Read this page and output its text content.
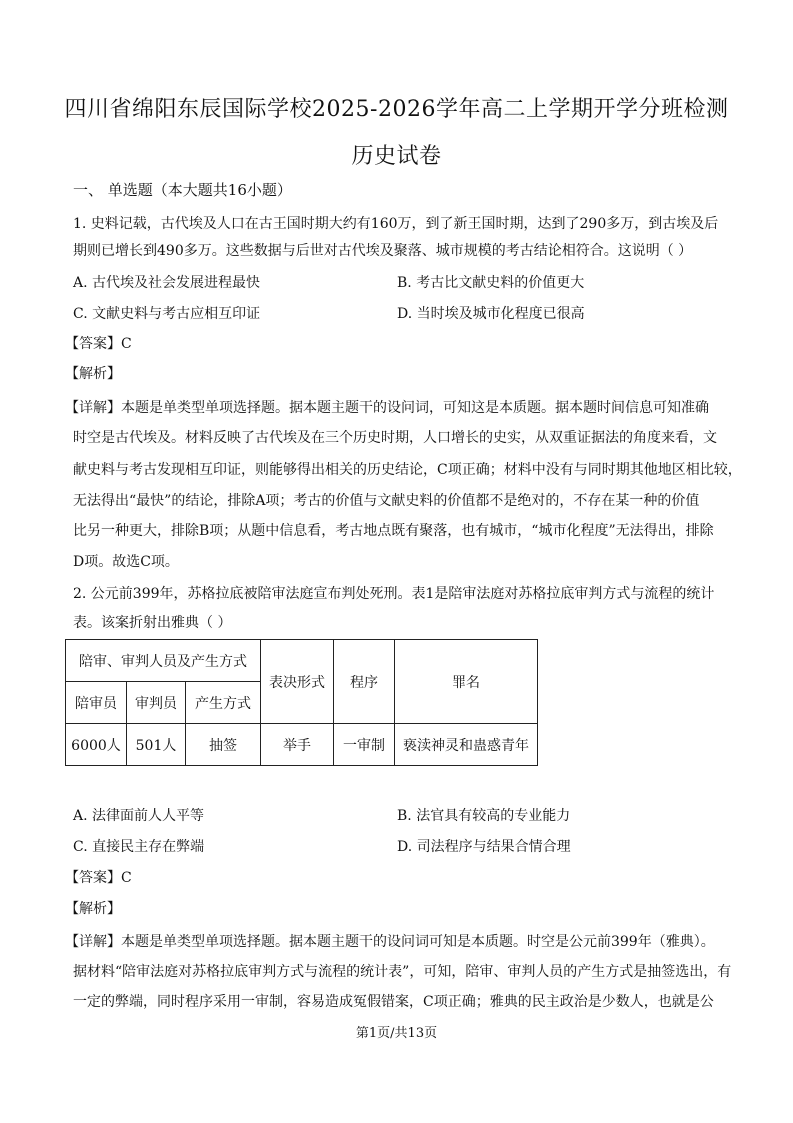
四川省绵阳东辰国际学校2025-2026学年高二上学期开学分班检测
历史试卷
一、 单选题（本大题共16小题）
1. 史料记载，古代埃及人口在古王国时期大约有160万，到了新王国时期，达到了290多万，到古埃及后
期则已增长到490多万。这些数据与后世对古代埃及聚落、城市规模的考古结论相符合。这说明（ ）
A. 古代埃及社会发展进程最快	B. 考古比文献史料的价值更大
C. 文献史料与考古应相互印证	D. 当时埃及城市化程度已很高
【答案】C
【解析】
【详解】本题是单类型单项选择题。据本题主题干的设问词，可知这是本质题。据本题时间信息可知准确
时空是古代埃及。材料反映了古代埃及在三个历史时期，人口增长的史实，从双重证据法的角度来看，文
献史料与考古发现相互印证，则能够得出相关的历史结论，C项正确；材料中没有与同时期其他地区相比较，
无法得出“最快”的结论，排除A项；考古的价值与文献史料的价值都不是绝对的，不存在某一种的价值
比另一种更大，排除B项；从题中信息看，考古地点既有聚落，也有城市，“城市化程度”无法得出，排除
D项。故选C项。
2. 公元前399年，苏格拉底被陪审法庭宣布判处死刑。表1是陪审法庭对苏格拉底审判方式与流程的统计
表。该案折射出雅典（ ）
陪审、审判人员及产生方式			表决形式	程序	罪名
陪审员	审判员	产生方式			
6000人	501人	抽签	举手	一审制	亵渎神灵和蛊惑青年
A. 法律面前人人平等	B. 法官具有较高的专业能力
C. 直接民主存在弊端	D. 司法程序与结果合情合理
【答案】C
【解析】
【详解】本题是单类型单项选择题。据本题主题干的设问词可知是本质题。时空是公元前399年（雅典）。
据材料“陪审法庭对苏格拉底审判方式与流程的统计表”，可知，陪审、审判人员的产生方式是抽签选出，有
一定的弊端，同时程序采用一审制，容易造成冤假错案，C项正确；雅典的民主政治是少数人，也就是公
第1页/共13页
